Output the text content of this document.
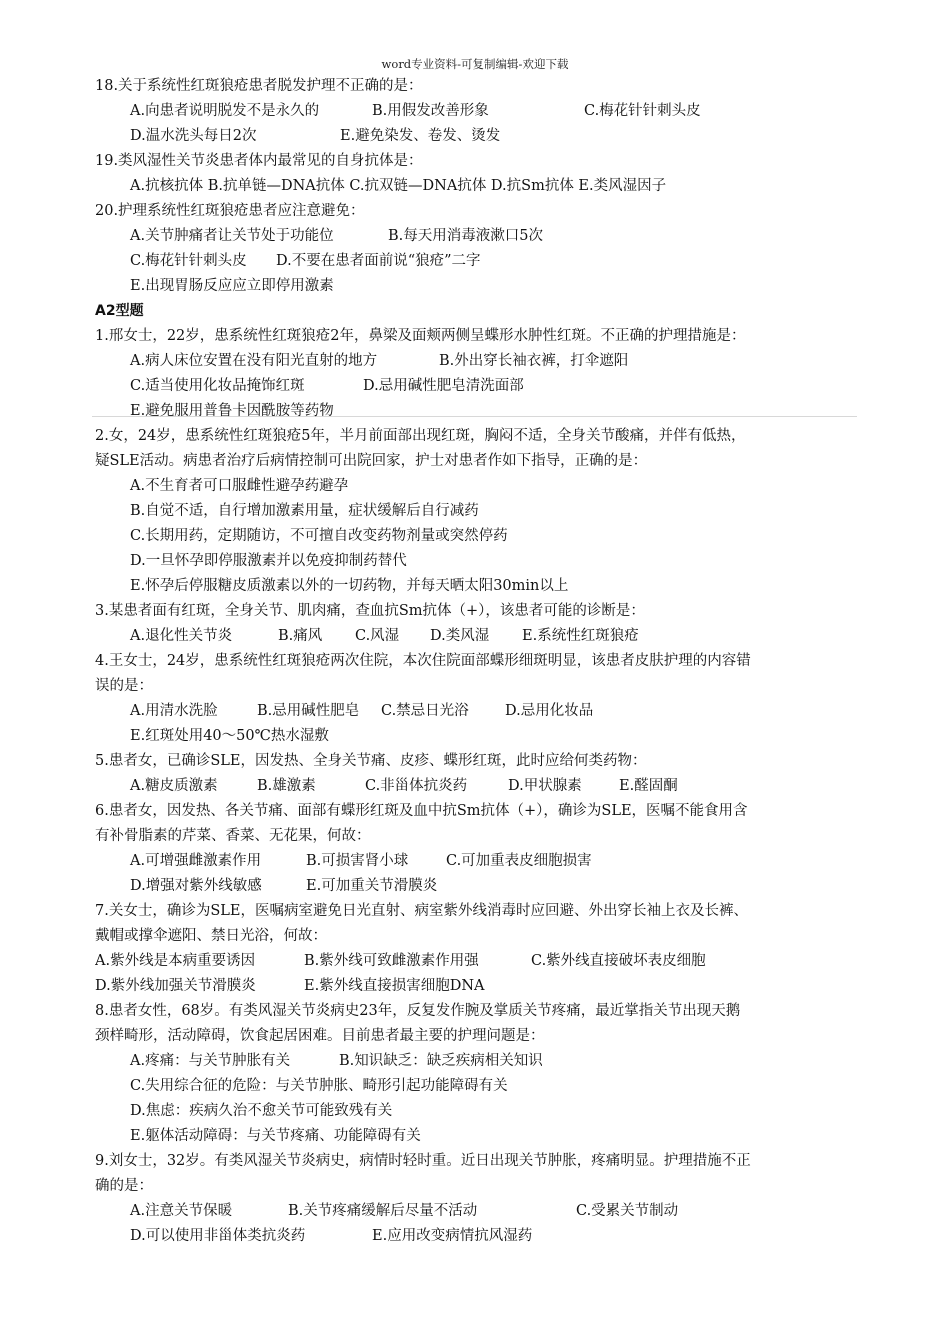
word专业资料-可复制编辑-欢迎下载
18.关于系统性红斑狼疮患者脱发护理不正确的是：
A.向患者说明脱发不是永久的	B.用假发改善形象	C.梅花针针刺头皮
D.温水洗头每日2次	E.避免染发、卷发、烫发
19.类风湿性关节炎患者体内最常见的自身抗体是：
A.抗核抗体 B.抗单链—DNA抗体 C.抗双链—DNA抗体 D.抗Sm抗体 E.类风湿因子
20.护理系统性红斑狼疮患者应注意避免：
A.关节肿痛者让关节处于功能位	B.每天用消毒液漱口5次
C.梅花针针刺头皮 D.不要在患者面前说“狼疮”二字
E.出现胃肠反应应立即停用激素
A2型题
1.邢女士，22岁，患系统性红斑狼疮2年，鼻梁及面颊两侧呈蝶形水肿性红斑。不正确的护理措施是：
A.病人床位安置在没有阳光直射的地方	B.外出穿长袖衣裤，打伞遮阳
C.适当使用化妆品掩饰红斑	D.忌用碱性肥皂清洗面部
E.避免服用普鲁卡因酰胺等药物
2.女，24岁，患系统性红斑狼疮5年，半月前面部出现红斑，胸闷不适，全身关节酸痛，并伴有低热，
疑SLE活动。病患者治疗后病情控制可出院回家，护士对患者作如下指导，正确的是：
A.不生育者可口服雌性避孕药避孕
B.自觉不适，自行增加激素用量，症状缓解后自行减药
C.长期用药，定期随访，不可擅自改变药物剂量或突然停药
D.一旦怀孕即停服激素并以免疫抑制药替代
E.怀孕后停服糖皮质激素以外的一切药物，并每天晒太阳30min以上
3.某患者面有红斑，全身关节、肌肉痛，查血抗Sm抗体（+），该患者可能的诊断是：
A.退化性关节炎	B.痛风 C.风湿 D.类风湿 E.系统性红斑狼疮
4.王女士，24岁，患系统性红斑狼疮两次住院，本次住院面部蝶形细斑明显，该患者皮肤护理的内容错
误的是：
A.用清水洗脸	B.忌用碱性肥皂 C.禁忌日光浴	D.忌用化妆品
E.红斑处用40～50℃热水湿敷
5.患者女，已确诊SLE，因发热、全身关节痛、皮疹、蝶形红斑，此时应给何类药物：
A.糖皮质激素	B.雄激素	C.非甾体抗炎药	D.甲状腺素	E.醛固酮
6.患者女，因发热、各关节痛、面部有蝶形红斑及血中抗Sm抗体（+），确诊为SLE，医嘱不能食用含
有补骨脂素的芹菜、香菜、无花果，何故：
A.可增强雌激素作用	B.可损害肾小球	C.可加重表皮细胞损害
D.增强对紫外线敏感	E.可加重关节滑膜炎
7.关女士，确诊为SLE，医嘱病室避免日光直射、病室紫外线消毒时应回避、外出穿长袖上衣及长裤、
戴帽或撑伞遮阳、禁日光浴，何故：
A.紫外线是本病重要诱因	B.紫外线可致雌激素作用强	C.紫外线直接破坏表皮细胞
D.紫外线加强关节滑膜炎	E.紫外线直接损害细胞DNA
8.患者女性，68岁。有类风湿关节炎病史23年，反复发作腕及掌质关节疼痛，最近掌指关节出现天鹅
颈样畸形，活动障碍，饮食起居困难。目前患者最主要的护理问题是：
A.疼痛：与关节肿胀有关	B.知识缺乏：缺乏疾病相关知识
C.失用综合征的危险：与关节肿胀、畸形引起功能障碍有关
D.焦虑：疾病久治不愈关节可能致残有关
E.躯体活动障碍：与关节疼痛、功能障碍有关
9.刘女士，32岁。有类风湿关节炎病史，病情时轻时重。近日出现关节肿胀，疼痛明显。护理措施不正
确的是：
A.注意关节保暖	B.关节疼痛缓解后尽量不活动	C.受累关节制动
D.可以使用非甾体类抗炎药	E.应用改变病情抗风湿药
